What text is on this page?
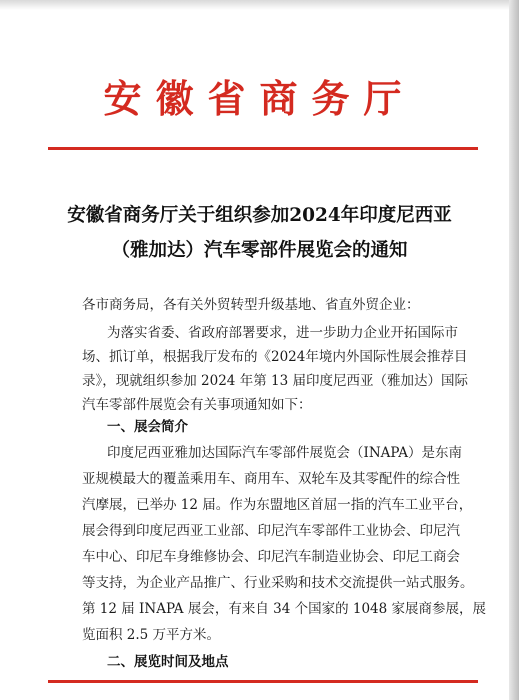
安徽省商务厅
安徽省商务厅关于组织参加2024年印度尼西亚
（雅加达）汽车零部件展览会的通知
各市商务局，各有关外贸转型升级基地、省直外贸企业：
为落实省委、省政府部署要求，进一步助力企业开拓国际市
场、抓订单，根据我厅发布的《2024年境内外国际性展会推荐目
录》，现就组织参加 2024 年第 13 届印度尼西亚（雅加达）国际
汽车零部件展览会有关事项通知如下：
一、展会简介
印度尼西亚雅加达国际汽车零部件展览会（INAPA）是东南
亚规模最大的覆盖乘用车、商用车、双轮车及其零配件的综合性
汽摩展，已举办 12 届。作为东盟地区首屈一指的汽车工业平台，
展会得到印度尼西亚工业部、印尼汽车零部件工业协会、印尼汽
车中心、印尼车身维修协会、印尼汽车制造业协会、印尼工商会
等支持，为企业产品推广、行业采购和技术交流提供一站式服务。
第 12 届 INAPA 展会，有来自 34 个国家的 1048 家展商参展，展
览面积 2.5 万平方米。
二、展览时间及地点
